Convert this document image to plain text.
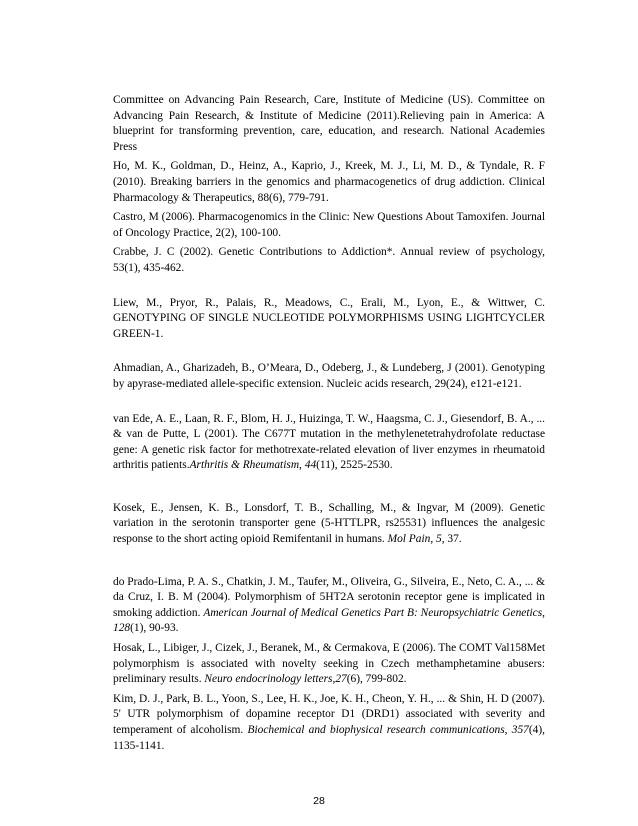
Committee on Advancing Pain Research, Care, Institute of Medicine (US). Committee on Advancing Pain Research, & Institute of Medicine (2011).Relieving pain in America: A blueprint for transforming prevention, care, education, and research. National Academies Press

Ho, M. K., Goldman, D., Heinz, A., Kaprio, J., Kreek, M. J., Li, M. D., & Tyndale, R. F (2010). Breaking barriers in the genomics and pharmacogenetics of drug addiction. Clinical Pharmacology & Therapeutics, 88(6), 779-791.

Castro, M (2006). Pharmacogenomics in the Clinic: New Questions About Tamoxifen. Journal of Oncology Practice, 2(2), 100-100.

Crabbe, J. C (2002). Genetic Contributions to Addiction*. Annual review of psychology, 53(1), 435-462.

Liew, M., Pryor, R., Palais, R., Meadows, C., Erali, M., Lyon, E., & Wittwer, C. GENOTYPING OF SINGLE NUCLEOTIDE POLYMORPHISMS USING LIGHTCYCLER GREEN-1.

Ahmadian, A., Gharizadeh, B., O’Meara, D., Odeberg, J., & Lundeberg, J (2001). Genotyping by apyrase-mediated allele-specific extension. Nucleic acids research, 29(24), e121-e121.

van Ede, A. E., Laan, R. F., Blom, H. J., Huizinga, T. W., Haagsma, C. J., Giesendorf, B. A., ... & van de Putte, L (2001). The C677T mutation in the methylenetetrahydrofolate reductase gene: A genetic risk factor for methotrexate-related elevation of liver enzymes in rheumatoid arthritis patients.Arthritis & Rheumatism, 44(11), 2525-2530.

Kosek, E., Jensen, K. B., Lonsdorf, T. B., Schalling, M., & Ingvar, M (2009). Genetic variation in the serotonin transporter gene (5-HTTLPR, rs25531) influences the analgesic response to the short acting opioid Remifentanil in humans. Mol Pain, 5, 37.

do Prado-Lima, P. A. S., Chatkin, J. M., Taufer, M., Oliveira, G., Silveira, E., Neto, C. A., ... & da Cruz, I. B. M (2004). Polymorphism of 5HT2A serotonin receptor gene is implicated in smoking addiction. American Journal of Medical Genetics Part B: Neuropsychiatric Genetics, 128(1), 90-93.

Hosak, L., Libiger, J., Cizek, J., Beranek, M., & Cermakova, E (2006). The COMT Val158Met polymorphism is associated with novelty seeking in Czech methamphetamine abusers: preliminary results. Neuro endocrinology letters,27(6), 799-802.

Kim, D. J., Park, B. L., Yoon, S., Lee, H. K., Joe, K. H., Cheon, Y. H., ... & Shin, H. D (2007). 5' UTR polymorphism of dopamine receptor D1 (DRD1) associated with severity and temperament of alcoholism. Biochemical and biophysical research communications, 357(4), 1135-1141.

28
